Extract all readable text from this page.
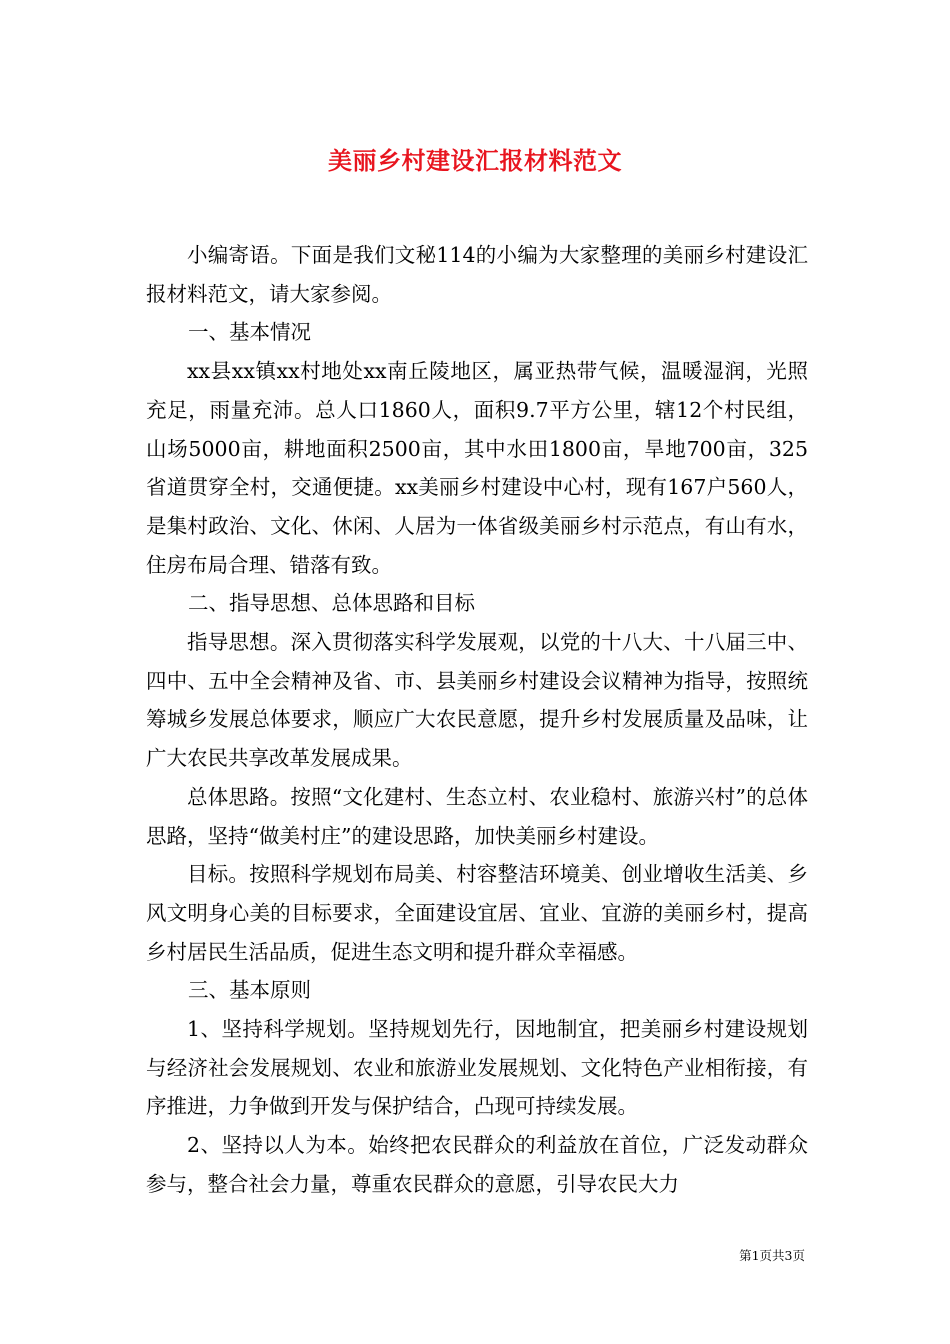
美丽乡村建设汇报材料范文

小编寄语。下面是我们文秘114的小编为大家整理的美丽乡村建设汇报材料范文，请大家参阅。

一、基本情况

xx县xx镇xx村地处xx南丘陵地区，属亚热带气候，温暖湿润，光照充足，雨量充沛。总人口1860人，面积9.7平方公里，辖12个村民组，山场5000亩，耕地面积2500亩，其中水田1800亩，旱地700亩，325省道贯穿全村，交通便捷。xx美丽乡村建设中心村，现有167户560人，是集村政治、文化、休闲、人居为一体省级美丽乡村示范点，有山有水，住房布局合理、错落有致。

二、指导思想、总体思路和目标

指导思想。深入贯彻落实科学发展观，以党的十八大、十八届三中、四中、五中全会精神及省、市、县美丽乡村建设会议精神为指导，按照统筹城乡发展总体要求，顺应广大农民意愿，提升乡村发展质量及品味，让广大农民共享改革发展成果。

总体思路。按照“文化建村、生态立村、农业稳村、旅游兴村”的总体思路，坚持“做美村庄”的建设思路，加快美丽乡村建设。

目标。按照科学规划布局美、村容整洁环境美、创业增收生活美、乡风文明身心美的目标要求，全面建设宜居、宜业、宜游的美丽乡村，提高乡村居民生活品质，促进生态文明和提升群众幸福感。

三、基本原则

1、坚持科学规划。坚持规划先行，因地制宜，把美丽乡村建设规划与经济社会发展规划、农业和旅游业发展规划、文化特色产业相衔接，有序推进，力争做到开发与保护结合，凸现可持续发展。

2、坚持以人为本。始终把农民群众的利益放在首位，广泛发动群众参与，整合社会力量，尊重农民群众的意愿，引导农民大力

第1页共3页
